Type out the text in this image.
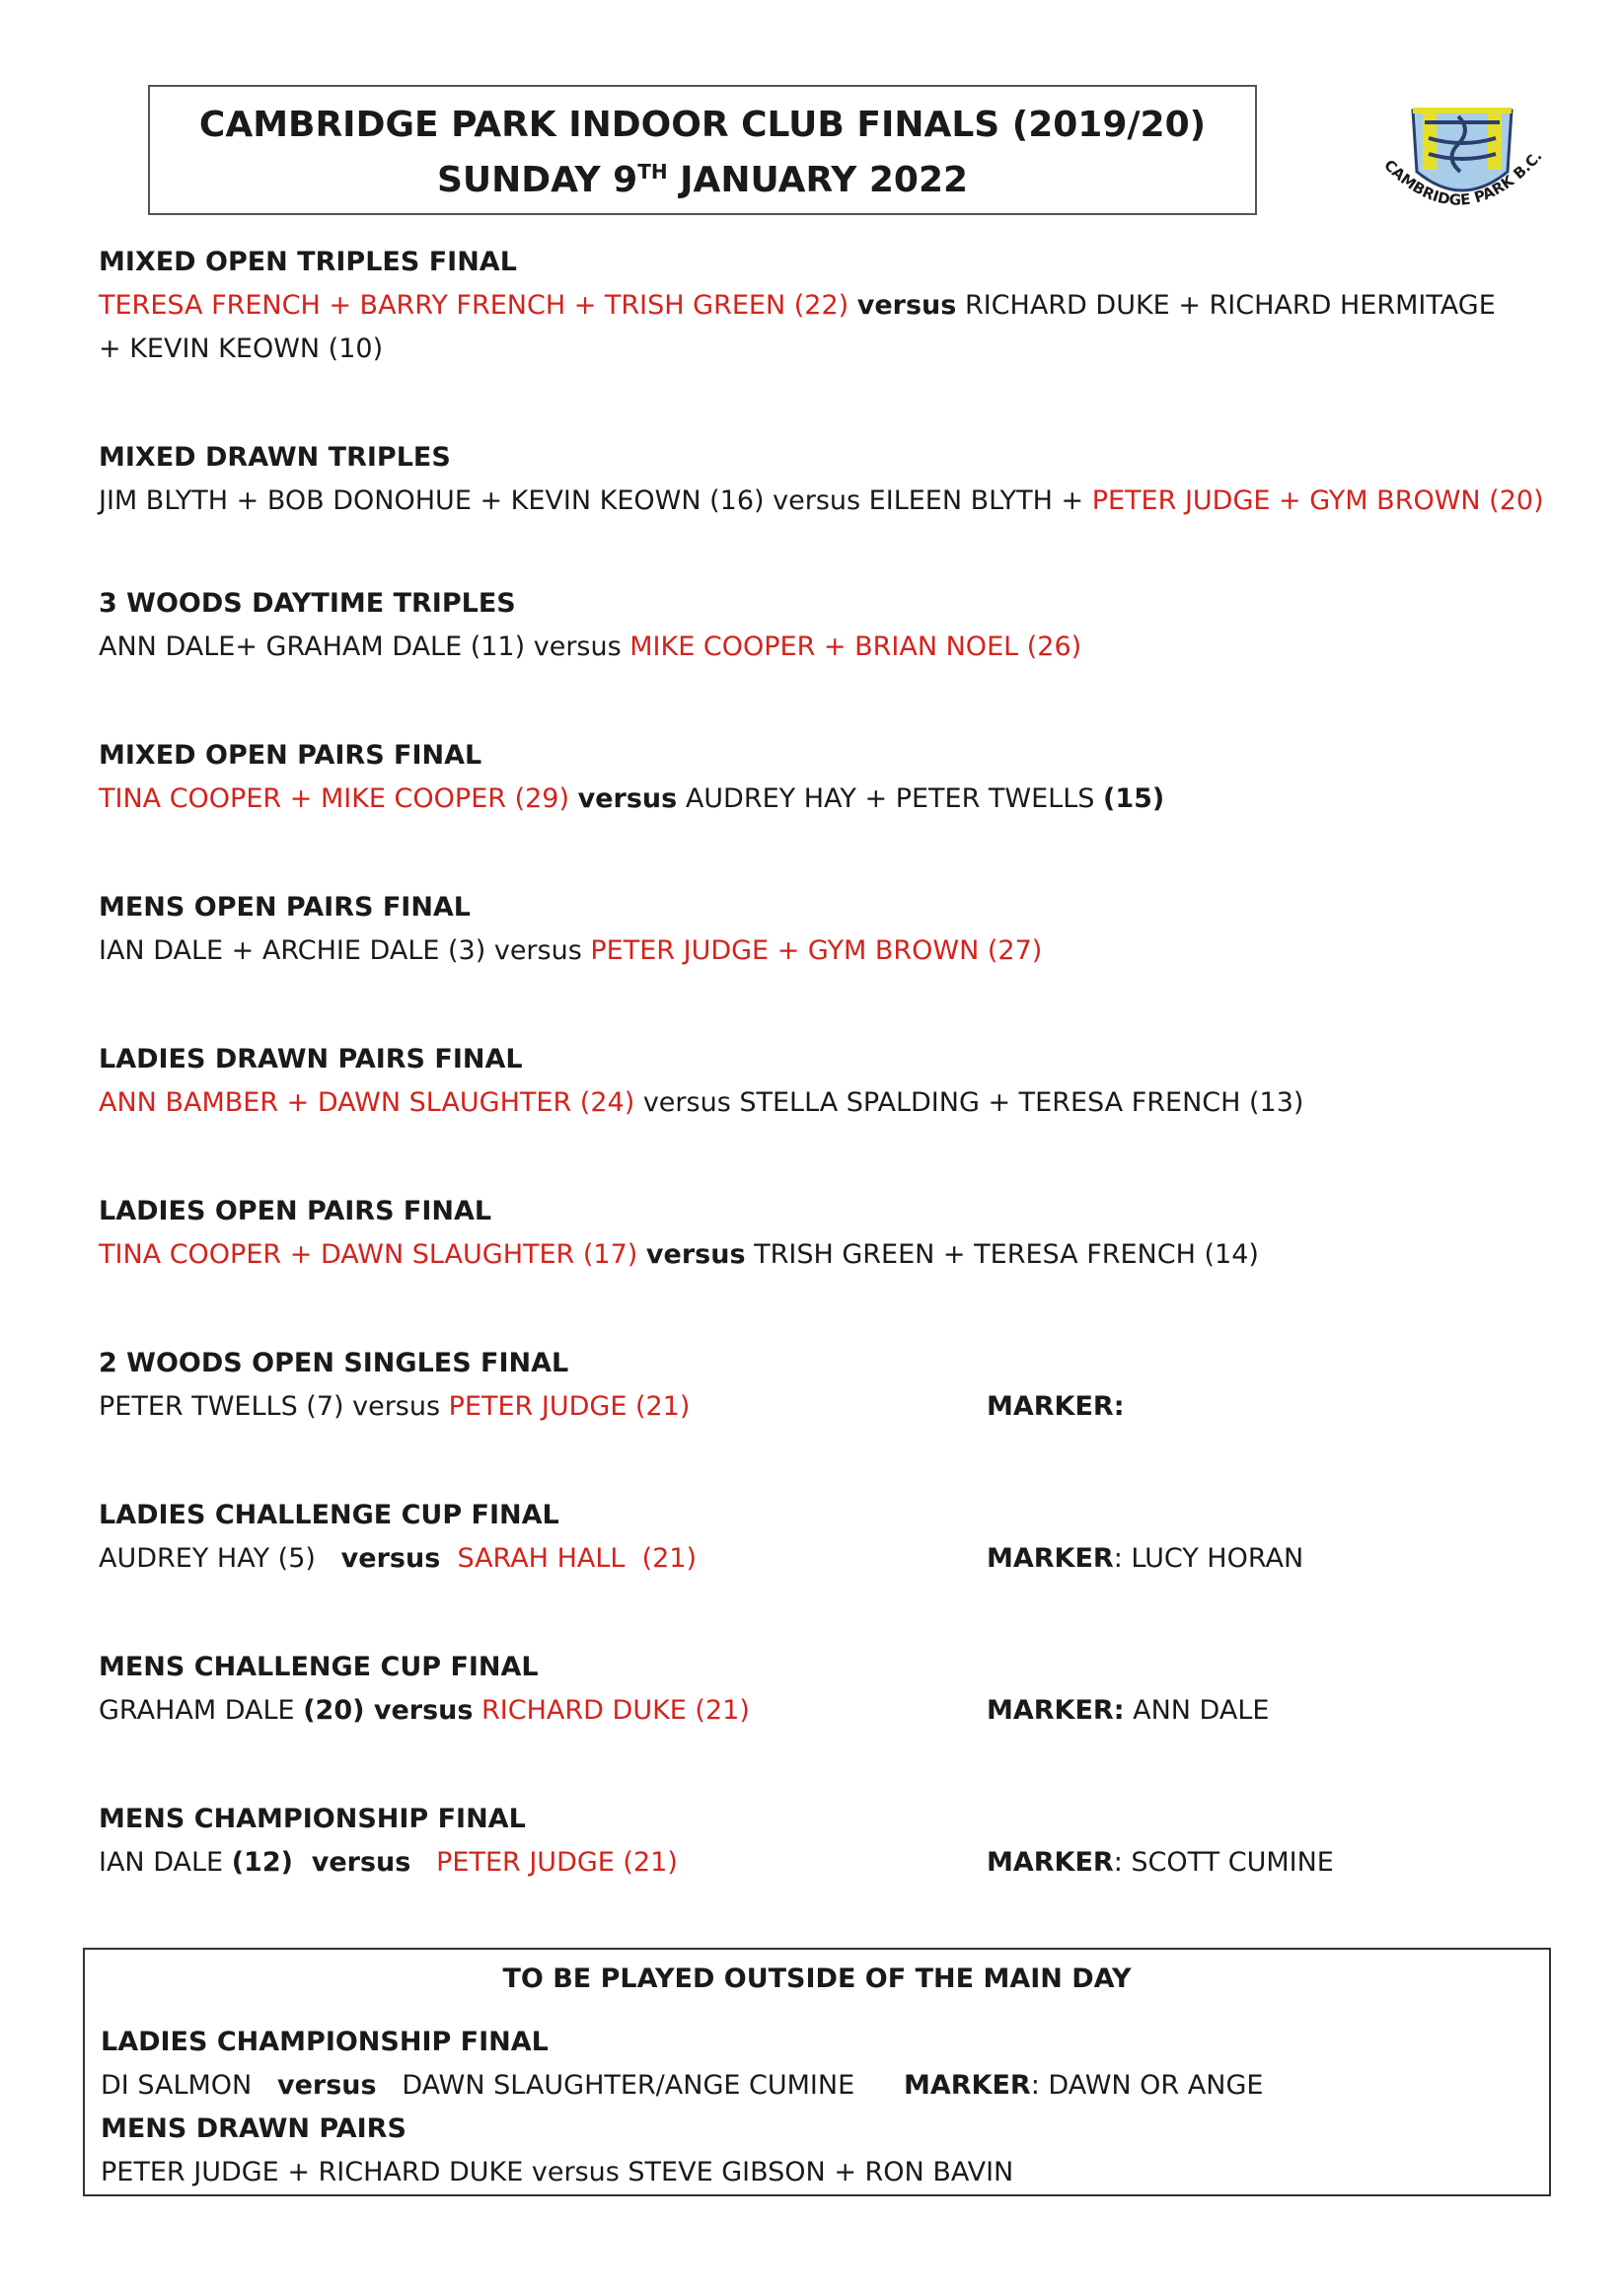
CAMBRIDGE PARK INDOOR CLUB FINALS (2019/20)
SUNDAY 9TH JANUARY 2022	CAMBRIDGE PARK B.C.
MIXED OPEN TRIPLES FINAL
TERESA FRENCH + BARRY FRENCH + TRISH GREEN (22) versus RICHARD DUKE + RICHARD HERMITAGE + KEVIN KEOWN (10)
MIXED DRAWN TRIPLES
JIM BLYTH + BOB DONOHUE + KEVIN KEOWN (16) versus EILEEN BLYTH + PETER JUDGE + GYM BROWN (20)
3 WOODS DAYTIME TRIPLES
ANN DALE+ GRAHAM DALE (11) versus MIKE COOPER + BRIAN NOEL (26)
MIXED OPEN PAIRS FINAL
TINA COOPER + MIKE COOPER (29) versus AUDREY HAY + PETER TWELLS (15)
MENS OPEN PAIRS FINAL
IAN DALE + ARCHIE DALE (3) versus PETER JUDGE + GYM BROWN (27)
LADIES DRAWN PAIRS FINAL
ANN BAMBER + DAWN SLAUGHTER (24) versus STELLA SPALDING + TERESA FRENCH (13)
LADIES OPEN PAIRS FINAL
TINA COOPER + DAWN SLAUGHTER (17) versus TRISH GREEN + TERESA FRENCH (14)
2 WOODS OPEN SINGLES FINAL
PETER TWELLS (7) versus PETER JUDGE (21)	MARKER:
LADIES CHALLENGE CUP FINAL
AUDREY HAY (5) versus SARAH HALL  (21)	MARKER: LUCY HORAN
MENS CHALLENGE CUP FINAL
GRAHAM DALE (20) versus RICHARD DUKE (21)	MARKER: ANN DALE
MENS CHAMPIONSHIP FINAL
IAN DALE (12)  versus PETER JUDGE (21)	MARKER: SCOTT CUMINE
TO BE PLAYED OUTSIDE OF THE MAIN DAY
LADIES CHAMPIONSHIP FINAL
DI SALMON versus DAWN SLAUGHTER/ANGE CUMINE	MARKER: DAWN OR ANGE
MENS DRAWN PAIRS
PETER JUDGE + RICHARD DUKE versus STEVE GIBSON + RON BAVIN
